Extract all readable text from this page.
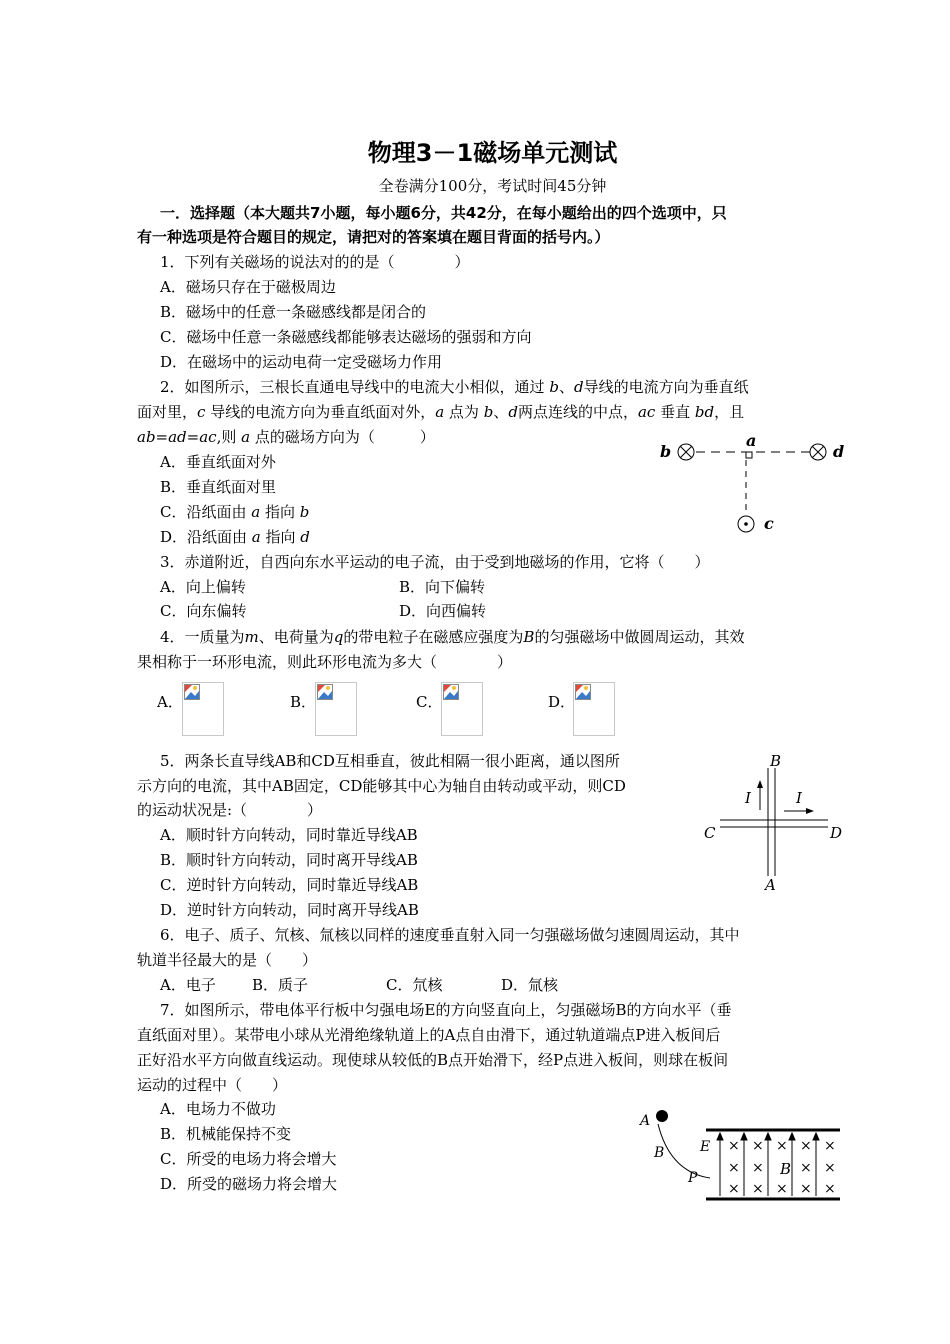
物理3－1磁场单元测试
全卷满分100分，考试时间45分钟
一．选择题（本大题共7小题，每小题6分，共42分，在每小题给出的四个选项中，只
有一种选项是符合题目的规定，请把对的答案填在题目背面的括号内。）
1．下列有关磁场的说法对的的是（　　　　）
A．磁场只存在于磁极周边
B．磁场中的任意一条磁感线都是闭合的
C．磁场中任意一条磁感线都能够表达磁场的强弱和方向
D．在磁场中的运动电荷一定受磁场力作用
2．如图所示，三根长直通电导线中的电流大小相似，通过 b、d导线的电流方向为垂直纸
面对里，c 导线的电流方向为垂直纸面对外，a 点为 b、d两点连线的中点，ac 垂直 bd，且
ab=ad=ac,则 a 点的磁场方向为（　　　）
A．垂直纸面对外
B．垂直纸面对里
C．沿纸面由 a 指向 b
D．沿纸面由 a 指向 d
b
a
d
c
3．赤道附近，自西向东水平运动的电子流，由于受到地磁场的作用，它将（　　）
A．向上偏转	B．向下偏转
C．向东偏转	D．向西偏转
4．一质量为m、电荷量为q的带电粒子在磁感应强度为B的匀强磁场中做圆周运动，其效
果相称于一环形电流，则此环形电流为多大（　　　　）
A．	B．	C．	D．
5．两条长直导线AB和CD互相垂直，彼此相隔一很小距离，通以图所
示方向的电流，其中AB固定，CD能够其中心为轴自由转动或平动，则CD
的运动状况是:（　　　　）
A．顺时针方向转动，同时靠近导线AB
B．顺时针方向转动，同时离开导线AB
C．逆时针方向转动，同时靠近导线AB
D．逆时针方向转动，同时离开导线AB
B
I	I
C	D
A
6．电子、质子、氘核、氚核以同样的速度垂直射入同一匀强磁场做匀速圆周运动，其中
轨道半径最大的是（　　）
A．电子 B．质子	C．氘核	D．氚核
7．如图所示，带电体平行板中匀强电场E的方向竖直向上，匀强磁场B的方向水平（垂
直纸面对里）。某带电小球从光滑绝缘轨道上的A点自由滑下，通过轨道端点P进入板间后
正好沿水平方向做直线运动。现使球从较低的B点开始滑下，经P点进入板间，则球在板间
运动的过程中（　　）
A．电场力不做功
B．机械能保持不变
C．所受的电场力将会增大
D．所受的磁场力将会增大
A
B
P
E × × × × ×
× ×	× ×
× × × × ×
B
